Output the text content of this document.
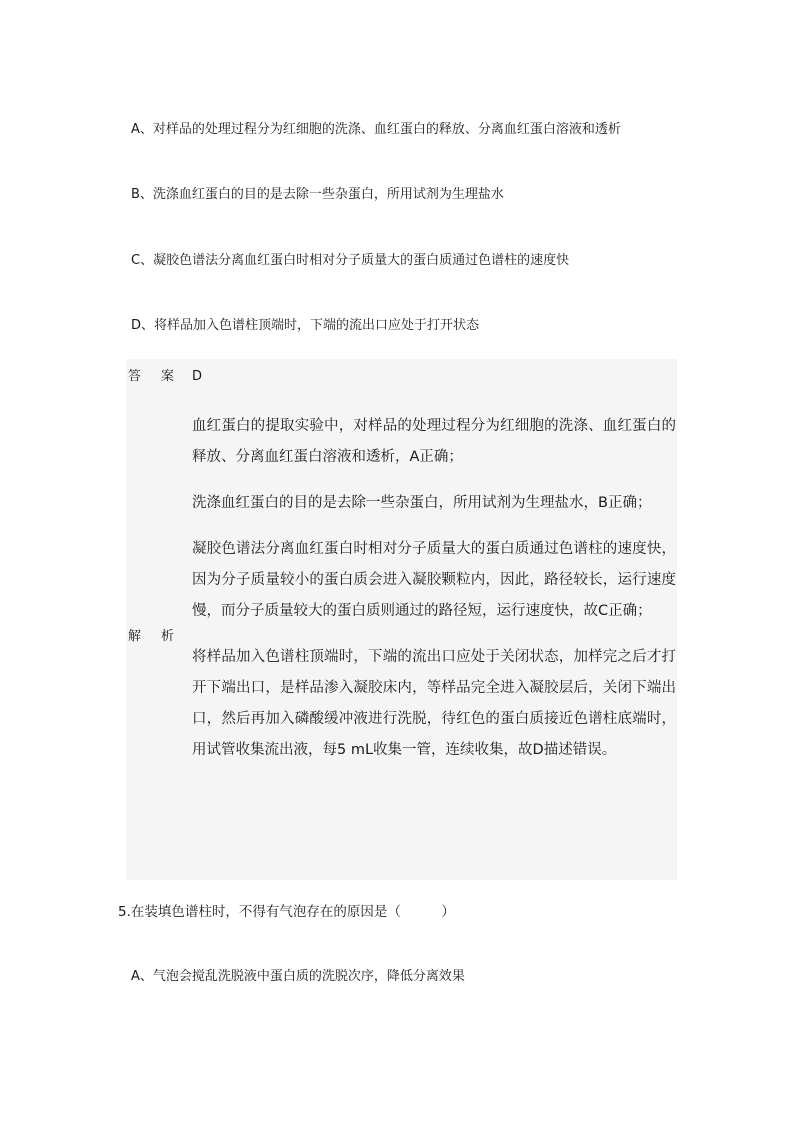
A、对样品的处理过程分为红细胞的洗涤、血红蛋白的释放、分离血红蛋白溶液和透析
B、洗涤血红蛋白的目的是去除一些杂蛋白，所用试剂为生理盐水
C、凝胶色谱法分离血红蛋白时相对分子质量大的蛋白质通过色谱柱的速度快
D、将样品加入色谱柱顶端时，下端的流出口应处于打开状态
答案
D
解析

血红蛋白的提取实验中，对样品的处理过程分为红细胞的洗涤、血红蛋白的释放、分离血红蛋白溶液和透析，A正确；

洗涤血红蛋白的目的是去除一些杂蛋白，所用试剂为生理盐水，B正确；

凝胶色谱法分离血红蛋白时相对分子质量大的蛋白质通过色谱柱的速度快，因为分子质量较小的蛋白质会进入凝胶颗粒内，因此，路径较长，运行速度慢，而分子质量较大的蛋白质则通过的路径短，运行速度快，故C正确；

将样品加入色谱柱顶端时，下端的流出口应处于关闭状态，加样完之后才打开下端出口，是样品渗入凝胶床内，等样品完全进入凝胶层后，关闭下端出口，然后再加入磷酸缓冲液进行洗脱，待红色的蛋白质接近色谱柱底端时，用试管收集流出液，每5 mL收集一管，连续收集，故D描述错误。

5.在装填色谱柱时，不得有气泡存在的原因是（　　　）
A、气泡会搅乱洗脱液中蛋白质的洗脱次序，降低分离效果
